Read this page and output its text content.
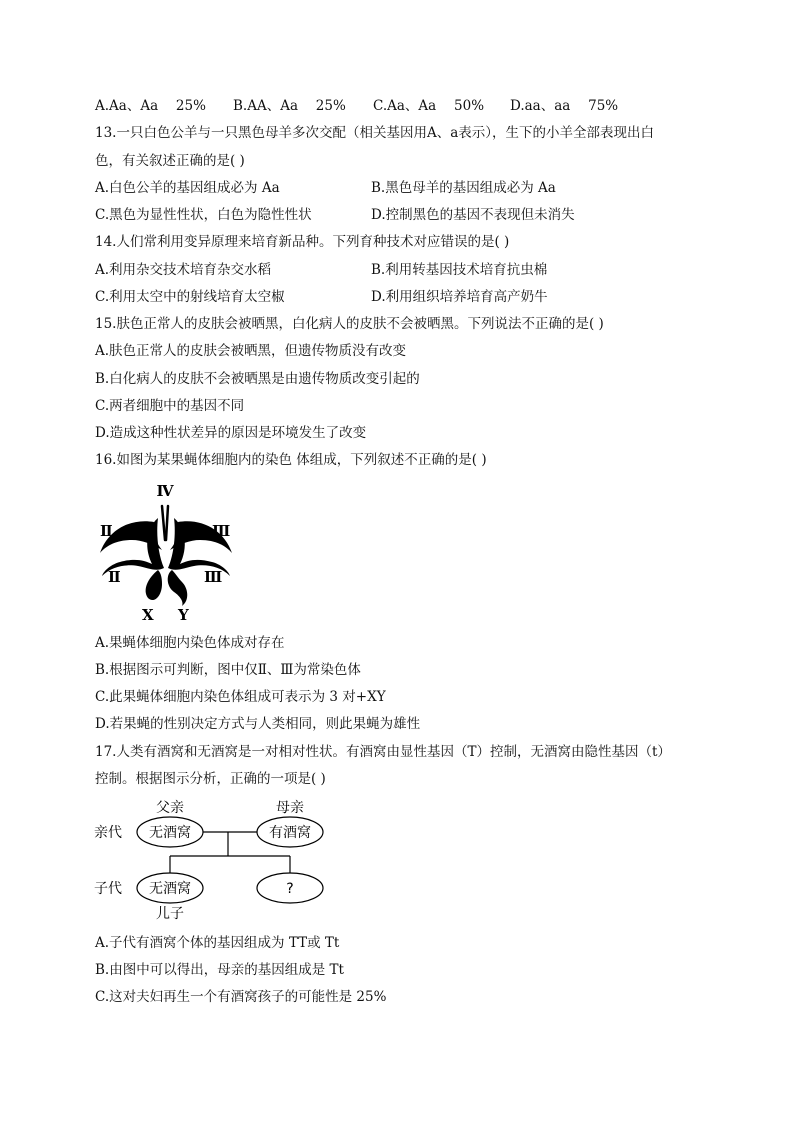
A.Aa、Aa　 25% B.AA、Aa　 25% C.Aa、Aa　 50% D.aa、aa　 75%
13.一只白色公羊与一只黑色母羊多次交配（相关基因用A、a表示），生下的小羊全部表现出白
色，有关叙述正确的是( )
A.白色公羊的基因组成必为 Aa	B.黑色母羊的基因组成必为 Aa
C.黑色为显性性状，白色为隐性性状	D.控制黑色的基因不表现但未消失
14.人们常利用变异原理来培育新品种。下列育种技术对应错误的是( )
A.利用杂交技术培育杂交水稻	B.利用转基因技术培育抗虫棉
C.利用太空中的射线培育太空椒	D.利用组织培养培育高产奶牛
15.肤色正常人的皮肤会被晒黑，白化病人的皮肤不会被晒黑。下列说法不正确的是( )
A.肤色正常人的皮肤会被晒黑，但遗传物质没有改变
B.白化病人的皮肤不会被晒黑是由遗传物质改变引起的
C.两者细胞中的基因不同
D.造成这种性状差异的原因是环境发生了改变
16.如图为某果蝇体细胞内的染色 体组成，下列叙述不正确的是( )
Ⅳ
Ⅱ	Ⅲ
Ⅱ	Ⅲ
X Y
A.果蝇体细胞内染色体成对存在
B.根据图示可判断，图中仅Ⅱ、Ⅲ为常染色体
C.此果蝇体细胞内染色体组成可表示为 3 对+XY
D.若果蝇的性别决定方式与人类相同，则此果蝇为雄性
17.人类有酒窝和无酒窝是一对相对性状。有酒窝由显性基因（T）控制，无酒窝由隐性基因（t）
控制。根据图示分析，正确的一项是( )
父亲	母亲
亲代 无酒窝	有酒窝
子代 无酒窝	?
儿子
A.子代有酒窝个体的基因组成为 TT或 Tt
B.由图中可以得出，母亲的基因组成是 Tt
C.这对夫妇再生一个有酒窝孩子的可能性是 25%
